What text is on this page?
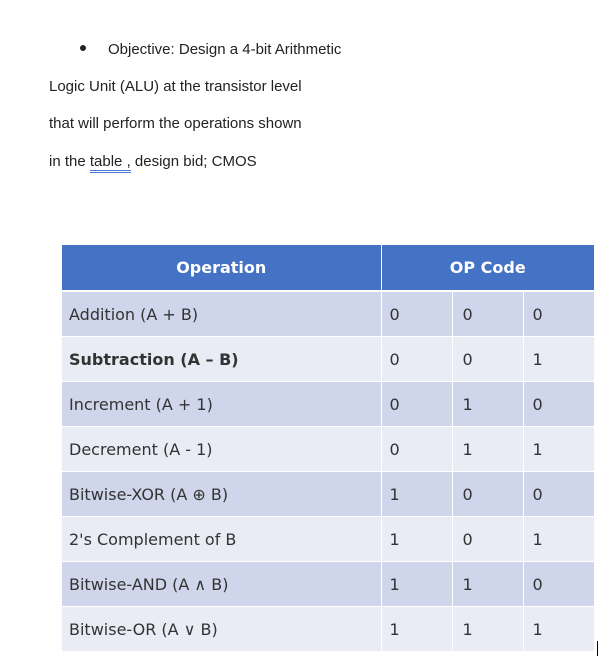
Objective: Design a 4-bit Arithmetic
Logic Unit (ALU) at the transistor level
that will perform the operations shown
in the table , design bid; CMOS
Operation	OP Code		
Addition (A + B)	0	0	0
Subtraction (A – B)	0	0	1
Increment (A + 1)	0	1	0
Decrement (A - 1)	0	1	1
Bitwise-XOR (A ⊕ B)	1	0	0
2's Complement of B	1	0	1
Bitwise-AND (A ∧ B)	1	1	0
Bitwise-OR (A ∨ B)	1	1	1
